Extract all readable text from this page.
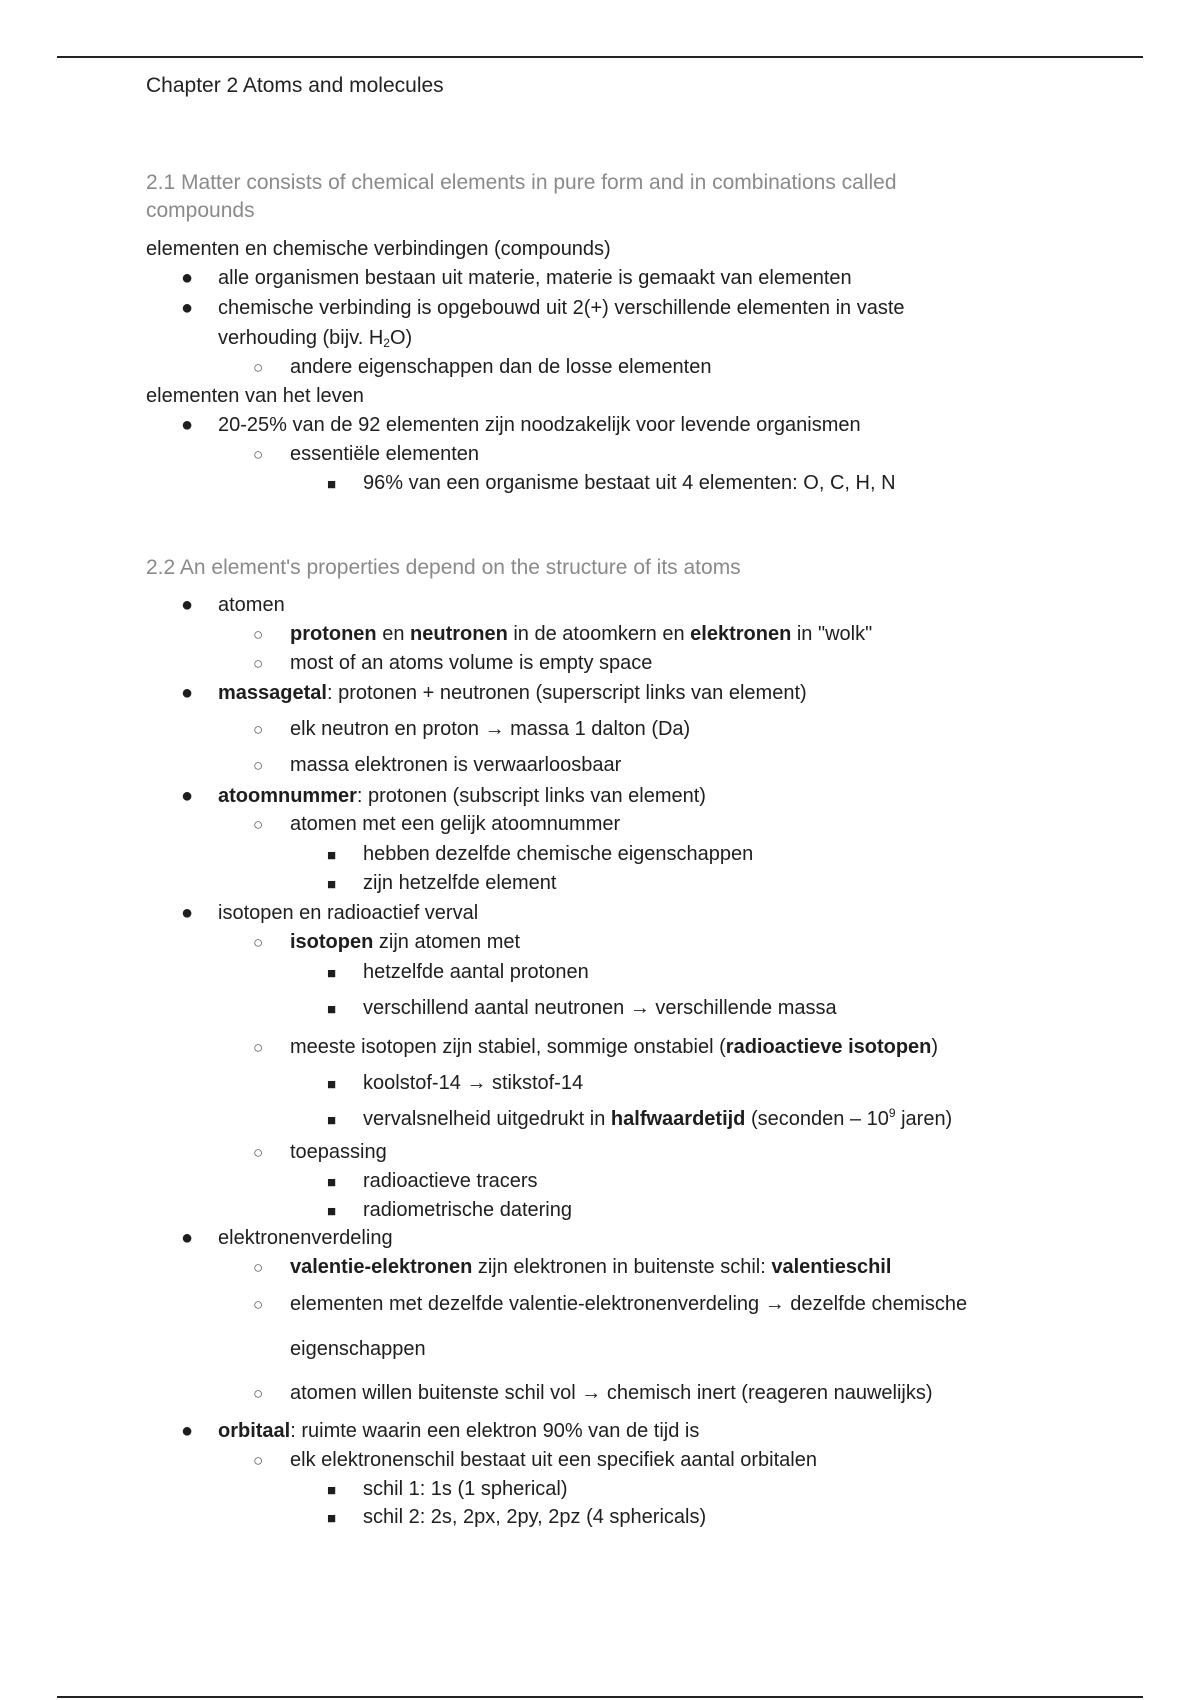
Chapter 2 Atoms and molecules
2.1 Matter consists of chemical elements in pure form and in combinations called
compounds
elementen en chemische verbindingen (compounds)
● alle organismen bestaan uit materie, materie is gemaakt van elementen
● chemische verbinding is opgebouwd uit 2(+) verschillende elementen in vaste
verhouding (bijv. $H_2O$)
○ andere eigenschappen dan de losse elementen
elementen van het leven
● 20-25% van de 92 elementen zijn noodzakelijk voor levende organismen
○ essentiële elementen
■ 96% van een organisme bestaat uit 4 elementen: O, C, H, N
2.2 An element's properties depend on the structure of its atoms
● atomen
○ protonen en neutronen in de atoomkern en elektronen in "wolk"
○ most of an atoms volume is empty space
● massagetal: protonen + neutronen (superscript links van element)
○ elk neutron en proton → massa 1 dalton (Da)
○ massa elektronen is verwaarloosbaar
● atoomnummer: protonen (subscript links van element)
○ atomen met een gelijk atoomnummer
■ hebben dezelfde chemische eigenschappen
■ zijn hetzelfde element
● isotopen en radioactief verval
○ isotopen zijn atomen met
■ hetzelfde aantal protonen
■ verschillend aantal neutronen → verschillende massa
○ meeste isotopen zijn stabiel, sommige onstabiel (radioactieve isotopen)
■ koolstof-14 → stikstof-14
■ vervalsnelheid uitgedrukt in halfwaardetijd (seconden – $10^9$ jaren)
○ toepassing
■ radioactieve tracers
■ radiometrische datering
● elektronenverdeling
○ valentie-elektronen zijn elektronen in buitenste schil: valentieschil
○ elementen met dezelfde valentie-elektronenverdeling → dezelfde chemische
eigenschappen
○ atomen willen buitenste schil vol → chemisch inert (reageren nauwelijks)
● orbitaal: ruimte waarin een elektron 90% van de tijd is
○ elk elektronenschil bestaat uit een specifiek aantal orbitalen
■ schil 1: 1s (1 spherical)
■ schil 2: 2s, 2px, 2py, 2pz (4 sphericals)
